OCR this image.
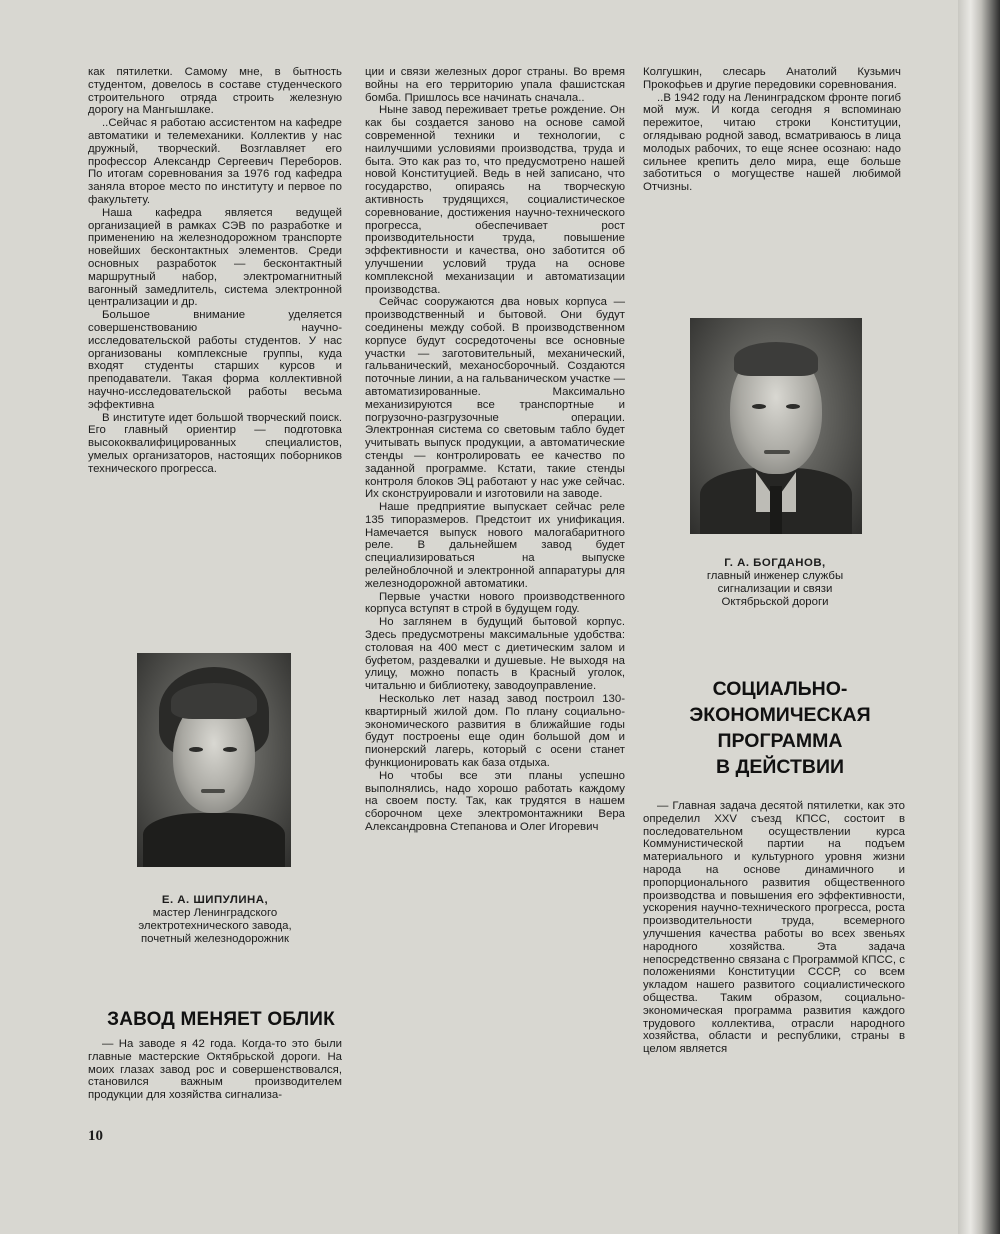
как пятилетки. Самому мне, в бытность студентом, довелось в составе студенческого строительного отряда строить железную дорогу на Мангышлаке.

..Сейчас я работаю ассистентом на кафедре автоматики и телемеханики. Коллектив у нас дружный, творческий. Возглавляет его профессор Александр Сергеевич Переборов. По итогам соревнования за 1976 год кафедра заняла второе место по институту и первое по факультету.

Наша кафедра является ведущей организацией в рамках СЭВ по разработке и применению на железнодорожном транспорте новейших бесконтактных элементов. Среди основных разработок — бесконтактный маршрутный набор, электромагнитный вагонный замедлитель, система электронной централизации и др.

Большое внимание уделяется совершенствованию научно-исследовательской работы студентов. У нас организованы комплексные группы, куда входят студенты старших курсов и преподаватели. Такая форма коллективной научно-исследовательской работы весьма эффективна

В институте идет большой творческий поиск. Его главный ориентир — подготовка высококвалифицированных специалистов, умелых организаторов, настоящих поборников технического прогресса.

ции и связи железных дорог страны. Во время войны на его территорию упала фашистская бомба. Пришлось все начинать сначала..

Ныне завод переживает третье рождение. Он как бы создается заново на основе самой современной техники и технологии, с наилучшими условиями производства, труда и быта. Это как раз то, что предусмотрено нашей новой Конституцией. Ведь в ней записано, что государство, опираясь на творческую активность трудящихся, социалистическое соревнование, достижения научно-технического прогресса, обеспечивает рост производительности труда, повышение эффективности и качества, оно заботится об улучшении условий труда на основе комплексной механизации и автоматизации производства.

Сейчас сооружаются два новых корпуса — производственный и бытовой. Они будут соединены между собой. В производственном корпусе будут сосредоточены все основные участки — заготовительный, механический, гальванический, механосборочный. Создаются поточные линии, а на гальваническом участке — автоматизированные. Максимально механизируются все транспортные и погрузочно-разгрузочные операции. Электронная система со световым табло будет учитывать выпуск продукции, а автоматические стенды — контролировать ее качество по заданной программе. Кстати, такие стенды контроля блоков ЭЦ работают у нас уже сейчас. Их сконструировали и изготовили на заводе.

Наше предприятие выпускает сейчас реле 135 типоразмеров. Предстоит их унификация. Намечается выпуск нового малогабаритного реле. В дальнейшем завод будет специализироваться на выпуске релейноблочной и электронной аппаратуры для железнодорожной автоматики.

Первые участки нового производственного корпуса вступят в строй в будущем году.

Но заглянем в будущий бытовой корпус. Здесь предусмотрены максимальные удобства: столовая на 400 мест с диетическим залом и буфетом, раздевалки и душевые. Не выходя на улицу, можно попасть в Красный уголок, читальню и библиотеку, заводоуправление.

Несколько лет назад завод построил 130-квартирный жилой дом. По плану социально-экономического развития в ближайшие годы будут построены еще один большой дом и пионерский лагерь, который с осени станет функционировать как база отдыха.

Но чтобы все эти планы успешно выполнялись, надо хорошо работать каждому на своем посту. Так, как трудятся в нашем сборочном цехе электромонтажники Вера Александровна Степанова и Олег Игоревич

Колгушкин, слесарь Анатолий Кузьмич Прокофьев и другие передовики соревнования.

..В 1942 году на Ленинградском фронте погиб мой муж. И когда сегодня я вспоминаю пережитое, читаю строки Конституции, оглядываю родной завод, всматриваюсь в лица молодых рабочих, то еще яснее осознаю: надо сильнее крепить дело мира, еще больше заботиться о могуществе нашей любимой Отчизны.

Г. А. БОГДАНОВ,
главный инженер службы
сигнализации и связи
Октябрьской дороги
СОЦИАЛЬНО-
ЭКОНОМИЧЕСКАЯ
ПРОГРАММА
В ДЕЙСТВИИ

— Главная задача десятой пятилетки, как это определил XXV съезд КПСС, состоит в последовательном осуществлении курса Коммунистической партии на подъем материального и культурного уровня жизни народа на основе динамичного и пропорционального развития общественного производства и повышения его эффективности, ускорения научно-технического прогресса, роста производительности труда, всемерного улучшения качества работы во всех звеньях народного хозяйства. Эта задача непосредственно связана с Программой КПСС, с положениями Конституции СССР, со всем укладом нашего развитого социалистического общества. Таким образом, социально-экономическая программа развития каждого трудового коллектива, отрасли народного хозяйства, области и республики, страны в целом является

Е. А. ШИПУЛИНА,
мастер Ленинградского
электротехнического завода,
почетный железнодорожник
ЗАВОД МЕНЯЕТ ОБЛИК

— На заводе я 42 года. Когда-то это были главные мастерские Октябрьской дороги. На моих глазах завод рос и совершенствовался, становился важным производителем продукции для хозяйства сигнализа-

10
